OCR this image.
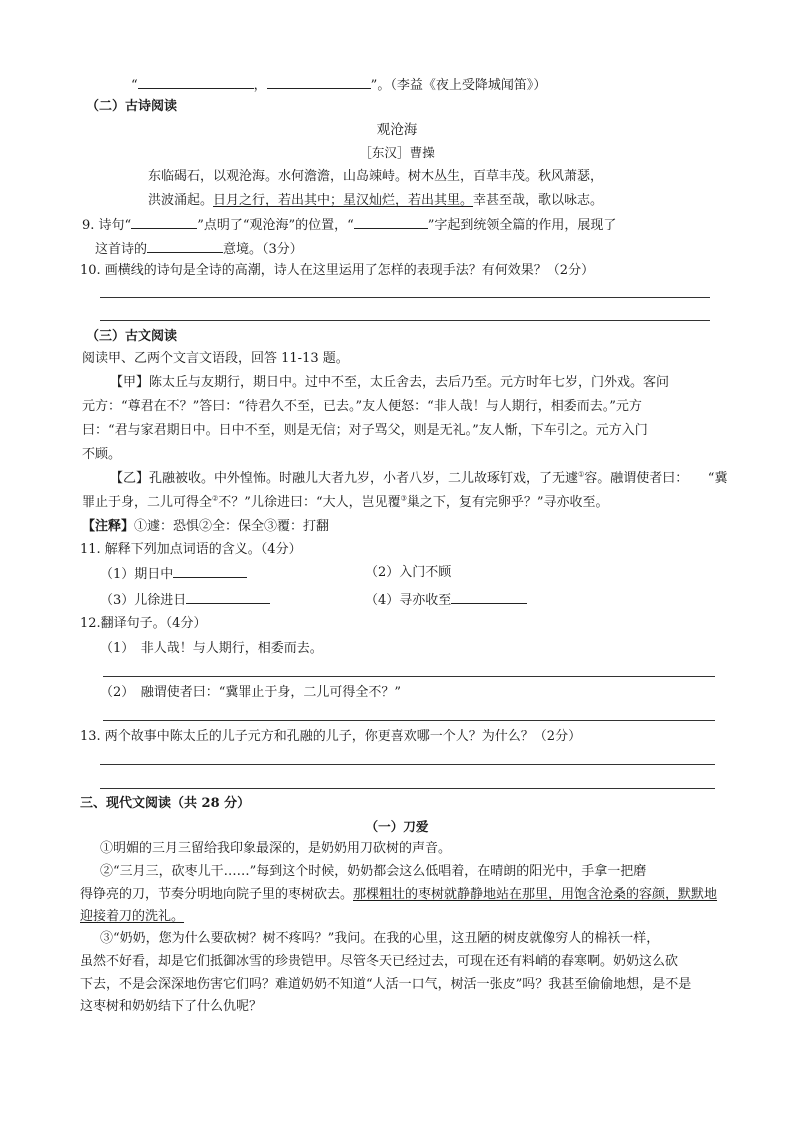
“	，	”。（李益《夜上受降城闻笛》）
（二）古诗阅读
观沧海
［东汉］曹操
东临碣石，以观沧海。水何澹澹，山岛竦峙。树木丛生，百草丰茂。秋风萧瑟，
洪波涌起。日月之行，若出其中；星汉灿烂，若出其里。幸甚至哉，歌以咏志。
9. 诗句“	”点明了“观沧海”的位置，“	”字起到统领全篇的作用，展现了
这首诗的	意境。（3分）
10. 画横线的诗句是全诗的高潮，诗人在这里运用了怎样的表现手法？有何效果？（2分）
（三）古文阅读
阅读甲、乙两个文言文语段，回答 11-13 题。
【甲】陈太丘与友期行，期日中。过中不至，太丘舍去，去后乃至。元方时年七岁，门外戏。客问
元方：“尊君在不？”答曰：“待君久不至，已去。”友人便怒：“非人哉！与人期行，相委而去。”元方
曰：“君与家君期日中。日中不至，则是无信；对子骂父，则是无礼。”友人惭，下车引之。元方入门
不顾。
【乙】孔融被收。中外惶怖。时融儿大者九岁，小者八岁，二儿故琢钉戏，了无遽①容。融谓使者曰：　　“冀
罪止于身，二儿可得全②不？”儿徐进曰：“大人，岂见覆③巢之下，复有完卵乎？”寻亦收至。
【注释】①遽：恐惧②全：保全③覆：打翻
11. 解释下列加点词语的含义。（4分）
（1）期日中	（2）入门不顾
（3）儿徐进日	（4）寻亦收至
12.翻译句子。（4分）
（1）　非人哉！与人期行，相委而去。
（2）　融谓使者曰：“冀罪止于身，二儿可得全不？”
13. 两个故事中陈太丘的儿子元方和孔融的儿子，你更喜欢哪一个人？为什么？（2分）
三、现代文阅读（共 28 分）
（一）刀爱
①明媚的三月三留给我印象最深的，是奶奶用刀砍树的声音。
②“三月三，砍枣儿干……”每到这个时候，奶奶都会这么低唱着，在晴朗的阳光中，手拿一把磨
得铮亮的刀，节奏分明地向院子里的枣树砍去。那棵粗壮的枣树就静静地站在那里，用饱含沧桑的容颜，默默地
迎接着刀的洗礼。
③“奶奶，您为什么要砍树？树不疼吗？”我问。在我的心里，这丑陋的树皮就像穷人的棉袄一样，
虽然不好看，却是它们抵御冰雪的珍贵铠甲。尽管冬天已经过去，可现在还有料峭的春寒啊。奶奶这么砍
下去，不是会深深地伤害它们吗？难道奶奶不知道“人活一口气，树活一张皮”吗？我甚至偷偷地想，是不是
这枣树和奶奶结下了什么仇呢？
